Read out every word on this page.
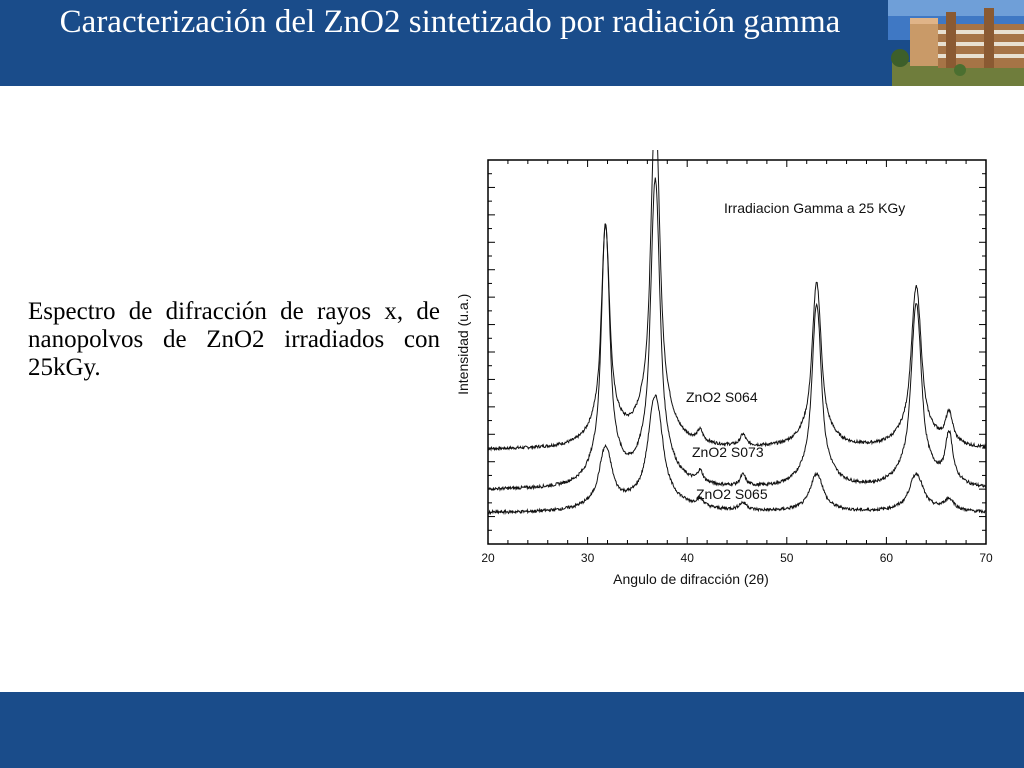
Caracterización del ZnO2 sintetizado por radiación gamma
Espectro de difracción de rayos x, de nanopolvos de ZnO2 irradiados con 25kGy.
20	30	40	50	60	70
ZnO2 S064
ZnO2 S073
ZnO2 S065
Irradiacion Gamma a 25 KGy
Angulo de difracción (2θ)
Intensidad (u.a.)
